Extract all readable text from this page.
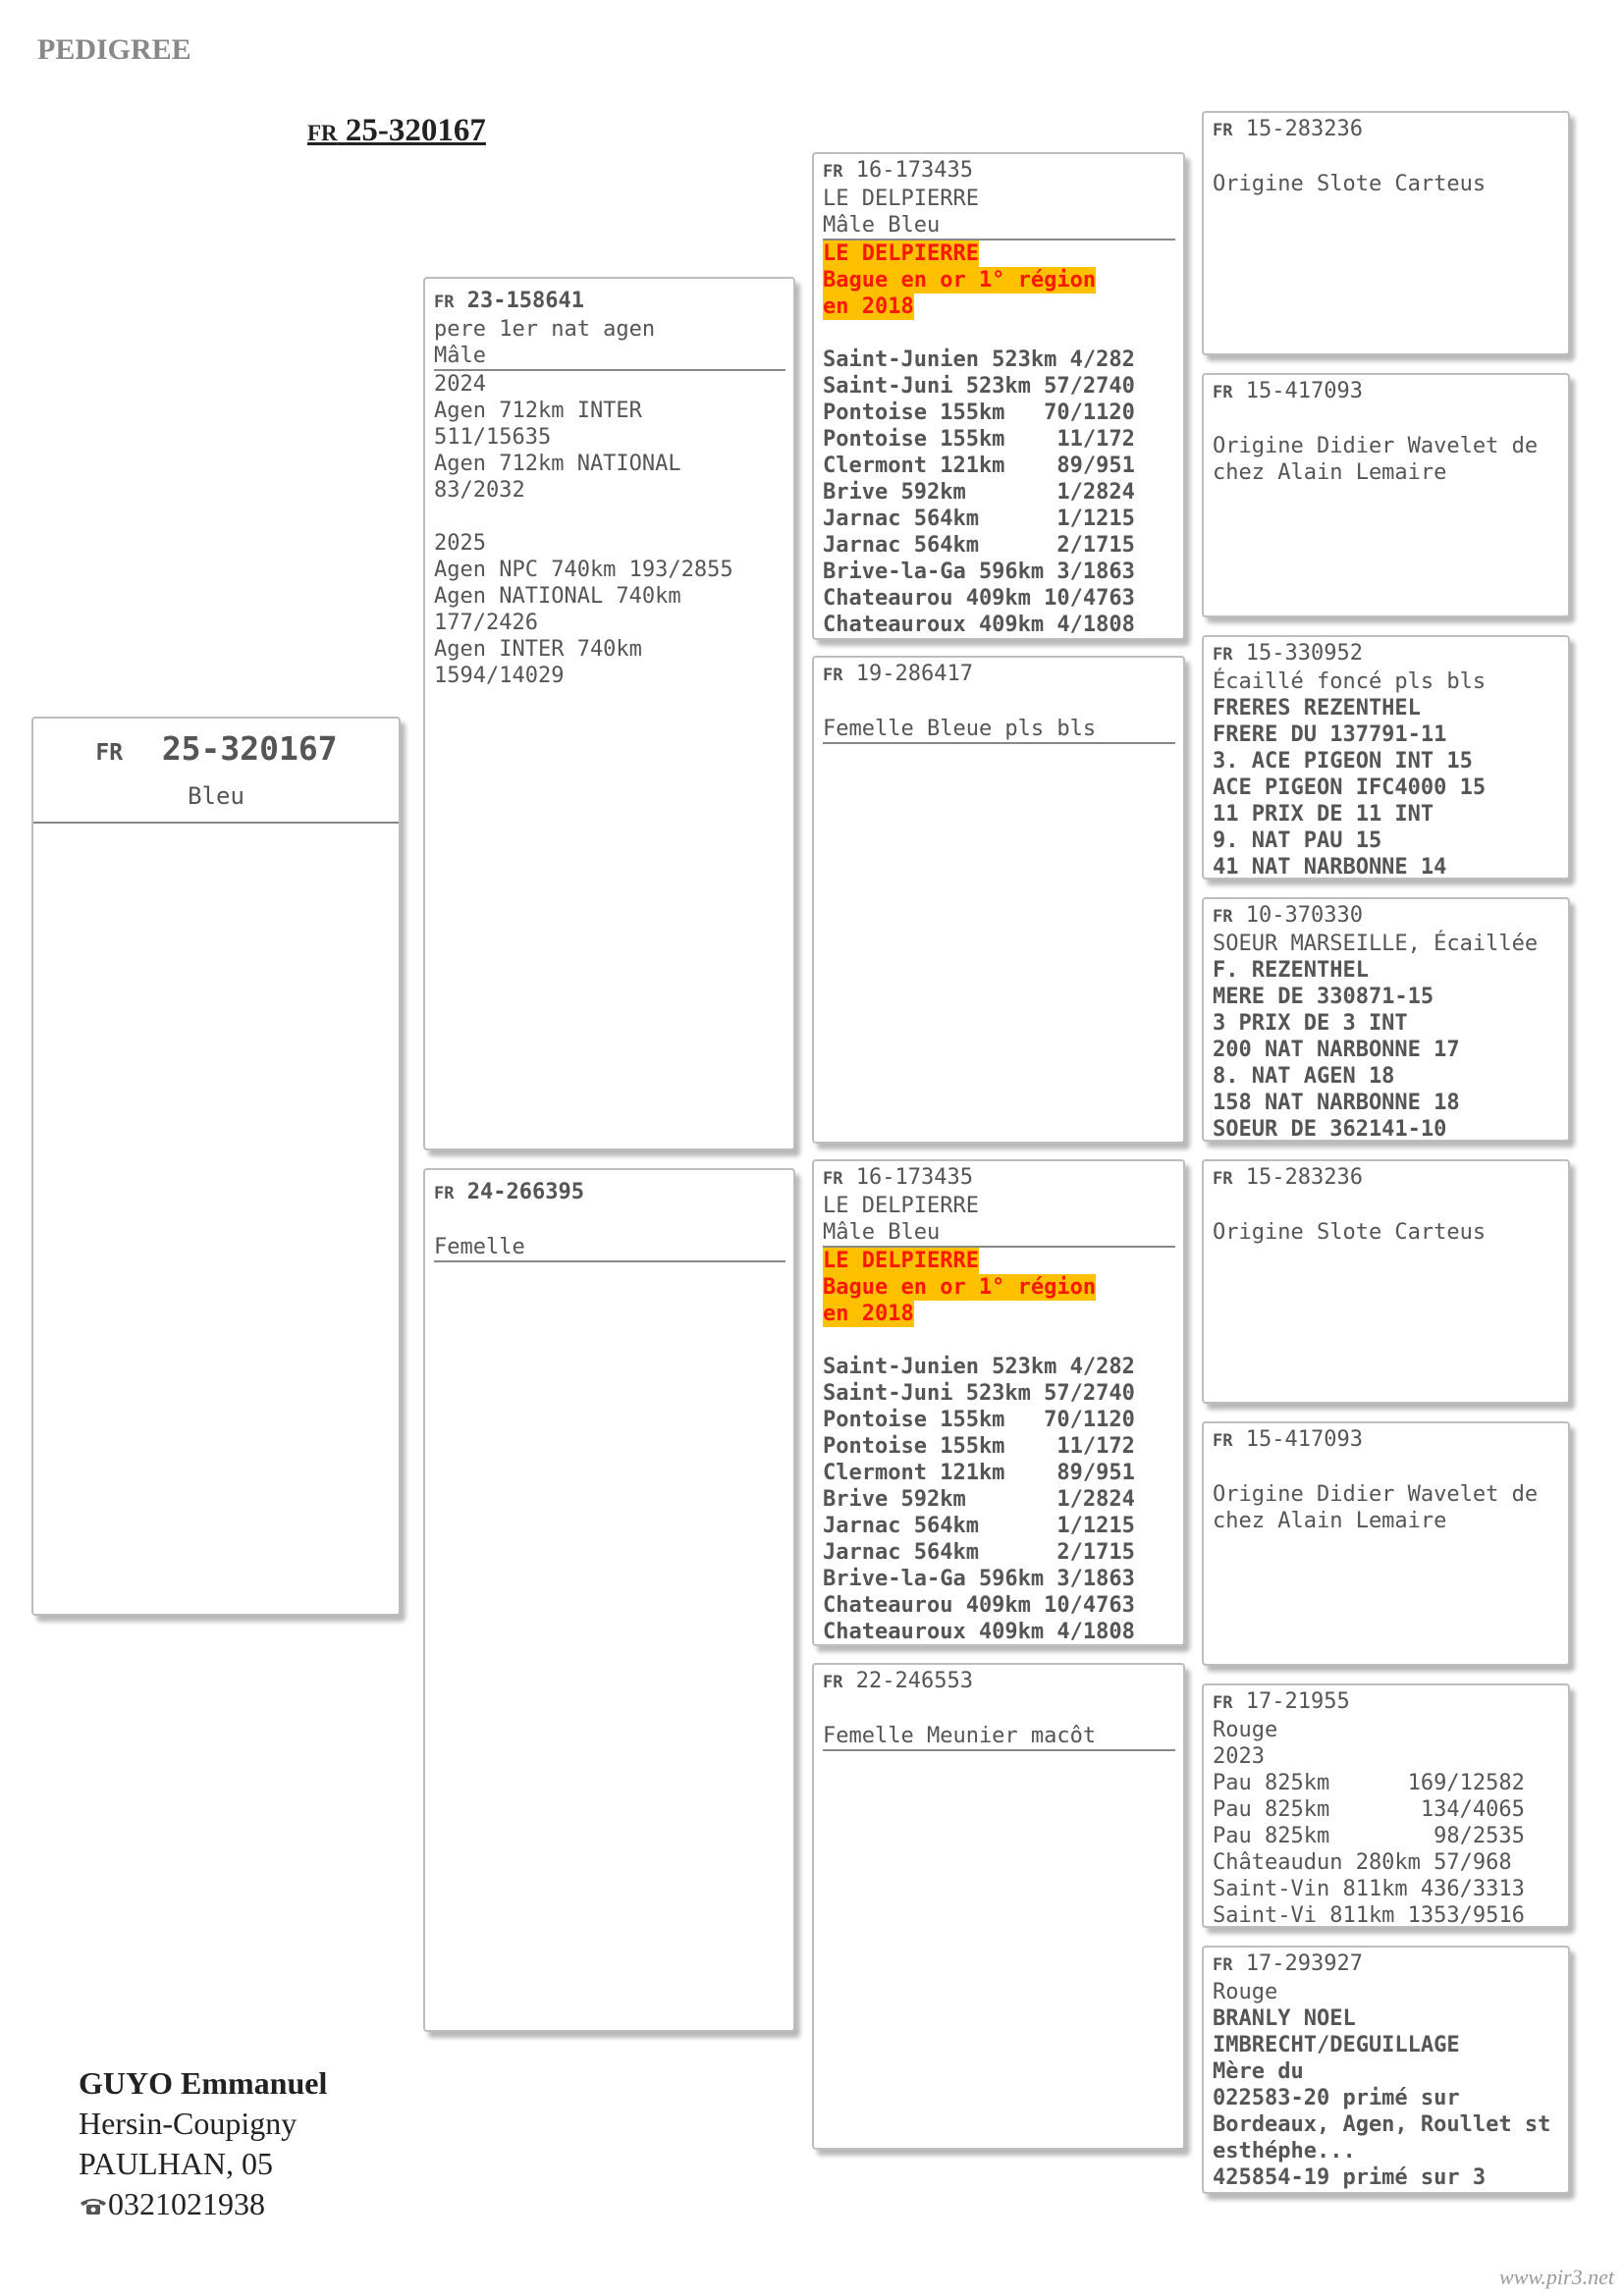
PEDIGREE
FR 25-320167
FR 25-320167
Bleu
FR 23-158641
pere 1er nat agen
Mâle
2024
Agen 712km INTER
511/15635
Agen 712km NATIONAL
83/2032
2025
Agen NPC 740km 193/2855
Agen NATIONAL 740km
177/2426
Agen INTER 740km
1594/14029
FR 24-266395
Femelle
FR 16-173435
LE DELPIERRE
Mâle Bleu
LE DELPIERRE
Bague en or 1° région
en 2018
Saint-Junien 523km 4/282
Saint-Juni 523km 57/2740
Pontoise 155km   70/1120
Pontoise 155km    11/172
Clermont 121km    89/951
Brive 592km       1/2824
Jarnac 564km      1/1215
Jarnac 564km      2/1715
Brive-la-Ga 596km 3/1863
Chateaurou 409km 10/4763
Chateauroux 409km 4/1808
FR 19-286417
Femelle Bleue pls bls
FR 16-173435
LE DELPIERRE
Mâle Bleu
LE DELPIERRE
Bague en or 1° région
en 2018
Saint-Junien 523km 4/282
Saint-Juni 523km 57/2740
Pontoise 155km   70/1120
Pontoise 155km    11/172
Clermont 121km    89/951
Brive 592km       1/2824
Jarnac 564km      1/1215
Jarnac 564km      2/1715
Brive-la-Ga 596km 3/1863
Chateaurou 409km 10/4763
Chateauroux 409km 4/1808
FR 22-246553
Femelle Meunier macôt
FR 15-283236
Origine Slote Carteus
FR 15-417093
Origine Didier Wavelet de
chez Alain Lemaire
FR 15-330952
Écaillé foncé pls bls
FRERES REZENTHEL
FRERE DU 137791-11
3. ACE PIGEON INT 15
ACE PIGEON IFC4000 15
11 PRIX DE 11 INT
9. NAT PAU 15
41 NAT NARBONNE 14
FR 10-370330
SOEUR MARSEILLE, Écaillée
F. REZENTHEL
MERE DE 330871-15
3 PRIX DE 3 INT
200 NAT NARBONNE 17
8. NAT AGEN 18
158 NAT NARBONNE 18
SOEUR DE 362141-10
FR 15-283236
Origine Slote Carteus
FR 15-417093
Origine Didier Wavelet de
chez Alain Lemaire
FR 17-21955
Rouge
2023
Pau 825km      169/12582
Pau 825km       134/4065
Pau 825km        98/2535
Châteaudun 280km 57/968
Saint-Vin 811km 436/3313
Saint-Vi 811km 1353/9516
FR 17-293927
Rouge
BRANLY NOEL
IMBRECHT/DEGUILLAGE
Mère du
022583-20 primé sur
Bordeaux, Agen, Roullet st
esthéphe...
425854-19 primé sur 3
GUYO Emmanuel
Hersin-Coupigny
PAULHAN, 05
0321021938
www.pir3.net
